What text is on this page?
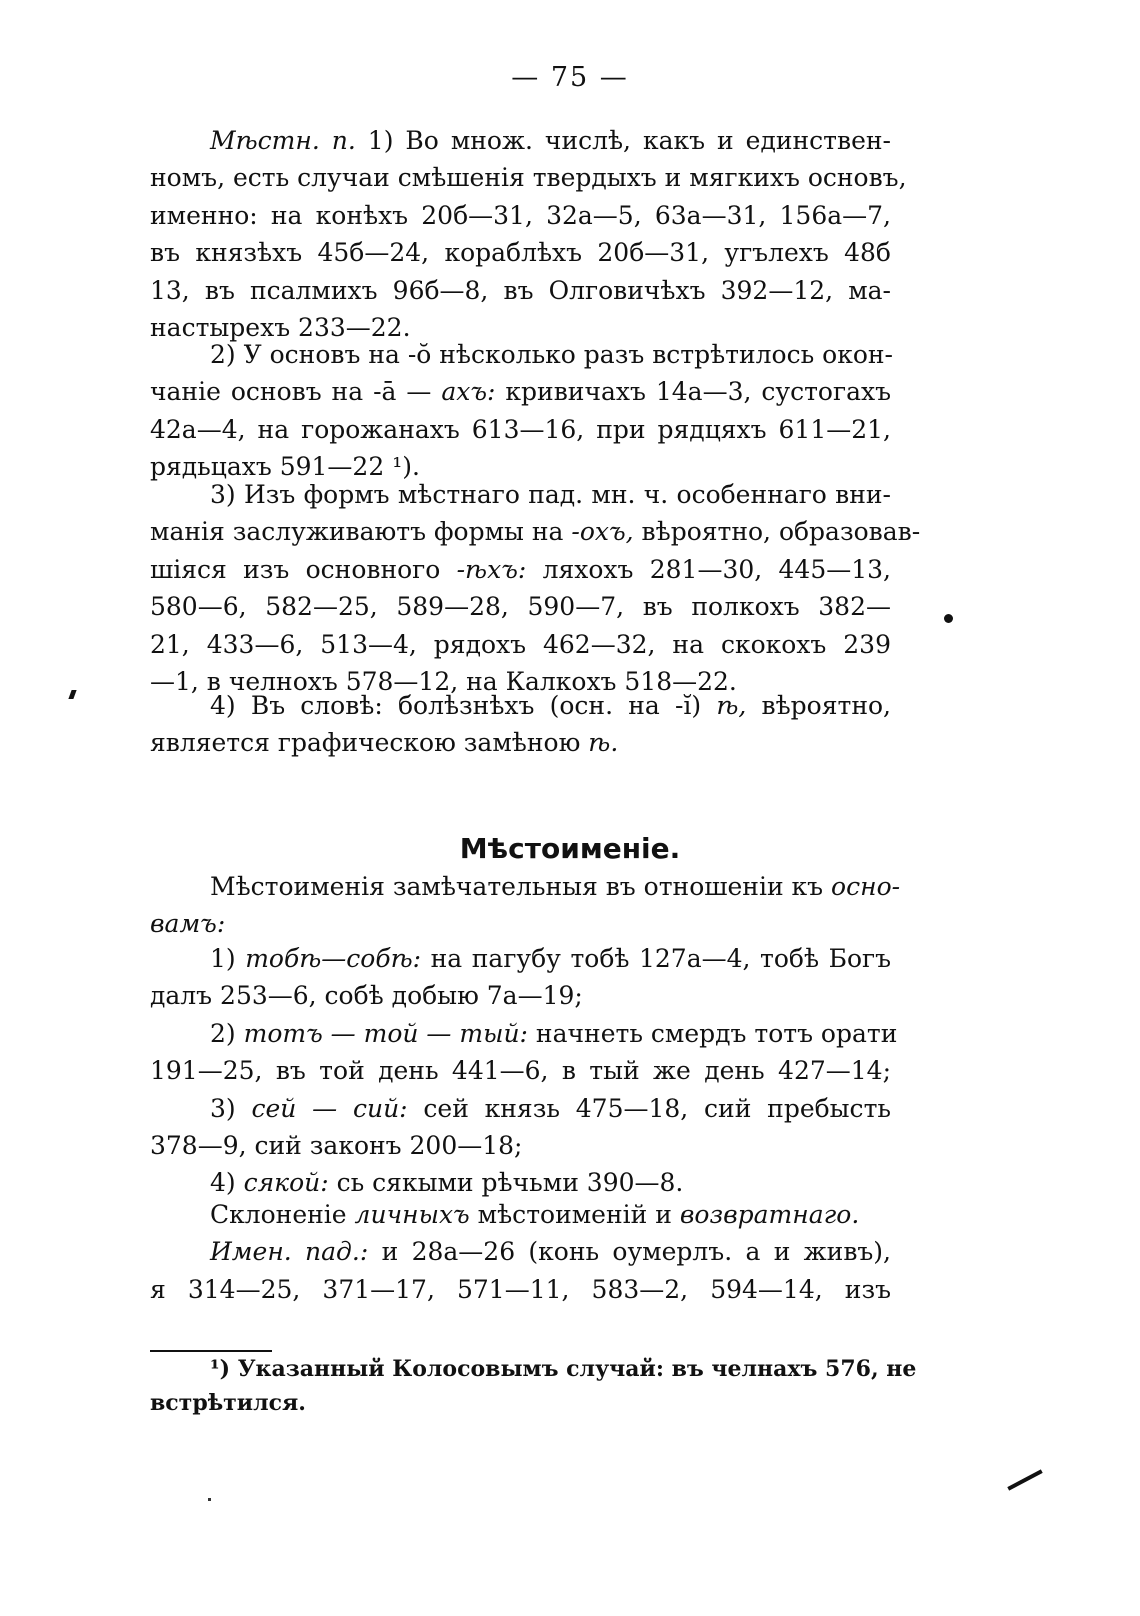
— 75 —
Мѣстн. п. 1) Во множ. числѣ, какъ и единствен-
номъ, есть случаи смѣшенія твердыхъ и мягкихъ основъ,
именно: на конѣхъ 20б—31, 32а—5, 63а—31, 156а—7,
въ князѣхъ 45б—24, кораблѣхъ 20б—31, угълехъ 48б
13, въ псалмихъ 96б—8, въ Олговичѣхъ 392—12, ма-
настырехъ 233—22.
2) У основъ на -ŏ нѣсколько разъ встрѣтилось окон-
чаніе основъ на -ā — ахъ: кривичахъ 14а—3, сустогахъ
42а—4, на горожанахъ 613—16, при рядцяхъ 611—21,
рядьцахъ 591—22 ¹).
3) Изъ формъ мѣстнаго пад. мн. ч. особеннаго вни-
манія заслуживаютъ формы на -охъ, вѣроятно, образовав-
шіяся изъ основного -ѣхъ: ляхохъ 281—30, 445—13,
580—6, 582—25, 589—28, 590—7, въ полкохъ 382—
21, 433—6, 513—4, рядохъ 462—32, на скокохъ 239
—1, в челнохъ 578—12, на Калкохъ 518—22.
4) Въ словѣ: болѣзнѣхъ (осн. на -ĭ) ѣ, вѣроятно,
является графическою замѣною ѣ.
Мѣстоименіе.
Мѣстоименія замѣчательныя въ отношеніи къ осно-
вамъ:
1) тобѣ—собѣ: на пагубу тобѣ 127а—4, тобѣ Богъ
далъ 253—6, собѣ добыю 7а—19;
2) тотъ — той — тый: начнеть смердъ тотъ орати
191—25, въ той день 441—6, в тый же день 427—14;
3) сей — сий: сей князь 475—18, сий пребысть
378—9, сий законъ 200—18;
4) сякой: сь сякыми рѣчьми 390—8.
Склоненіе личныхъ мѣстоименій и возвратнаго.
Имен. пад.: и 28а—26 (конь оумерлъ. а и живъ),
я 314—25, 371—17, 571—11, 583—2, 594—14, изъ
¹) Указанный Колосовымъ случай: въ челнахъ 576, не
встрѣтился.
